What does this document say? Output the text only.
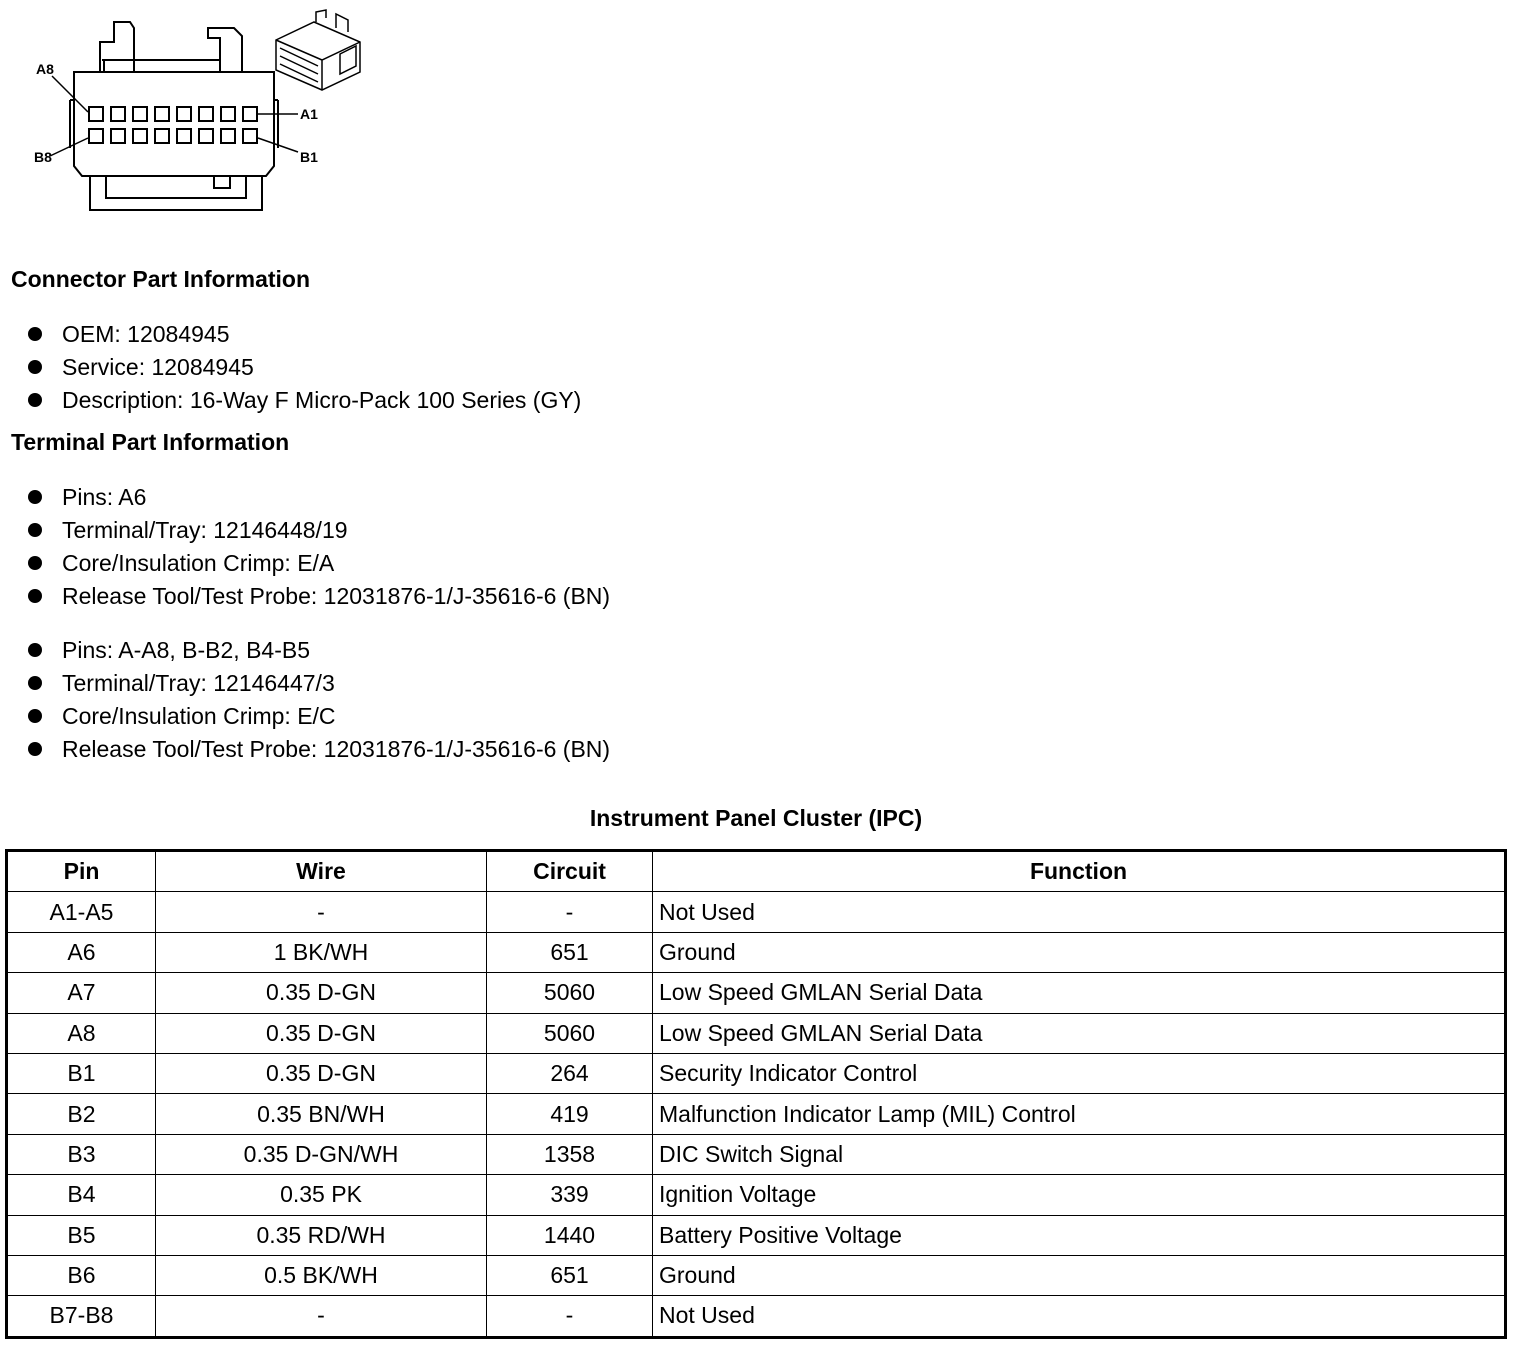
A8
A1
B8	B1
Connector Part Information
OEM: 12084945
Service: 12084945
Description: 16-Way F Micro-Pack 100 Series (GY)
Terminal Part Information
Pins: A6
Terminal/Tray: 12146448/19
Core/Insulation Crimp: E/A
Release Tool/Test Probe: 12031876-1/J-35616-6 (BN)
Pins: A-A8, B-B2, B4-B5
Terminal/Tray: 12146447/3
Core/Insulation Crimp: E/C
Release Tool/Test Probe: 12031876-1/J-35616-6 (BN)
Instrument Panel Cluster (IPC)
Pin	Wire	Circuit	Function
A1-A5	-	-	Not Used
A6	1 BK/WH	651	Ground
A7	0.35 D-GN	5060	Low Speed GMLAN Serial Data
A8	0.35 D-GN	5060	Low Speed GMLAN Serial Data
B1	0.35 D-GN	264	Security Indicator Control
B2	0.35 BN/WH	419	Malfunction Indicator Lamp (MIL) Control
B3	0.35 D-GN/WH	1358	DIC Switch Signal
B4	0.35 PK	339	Ignition Voltage
B5	0.35 RD/WH	1440	Battery Positive Voltage
B6	0.5 BK/WH	651	Ground
B7-B8	-	-	Not Used
